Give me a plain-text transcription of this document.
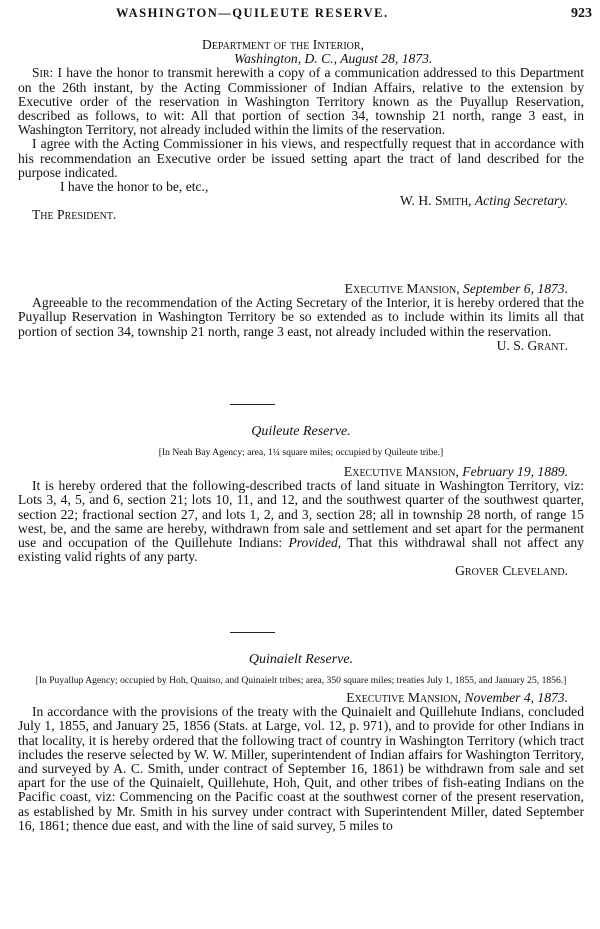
WASHINGTON—QUILEUTE RESERVE.	923
Department of the Interior,
Washington, D. C., August 28, 1873.

Sir: I have the honor to transmit herewith a copy of a communication addressed to this Department on the 26th instant, by the Acting Commissioner of Indian Affairs, relative to the extension by Executive order of the reservation in Washington Territory known as the Puyallup Reservation, described as follows, to wit: All that portion of section 34, township 21 north, range 3 east, in Washington Territory, not already included within the limits of the reservation.

I agree with the Acting Commissioner in his views, and respectfully request that in accordance with his recommendation an Executive order be issued setting apart the tract of land described for the purpose indicated.

I have the honor to be, etc.,

W. H. Smith, Acting Secretary.
The President.
Executive Mansion, September 6, 1873.

Agreeable to the recommendation of the Acting Secretary of the Interior, it is hereby ordered that the Puyallup Reservation in Washington Territory be so extended as to include within its limits all that portion of section 34, township 21 north, range 3 east, not already included within the reservation.

U. S. Grant.
Quileute Reserve.
[In Neah Bay Agency; area, 1¼ square miles; occupied by Quileute tribe.]
Executive Mansion, February 19, 1889.

It is hereby ordered that the following-described tracts of land situate in Washington Territory, viz: Lots 3, 4, 5, and 6, section 21; lots 10, 11, and 12, and the southwest quarter of the southwest quarter, section 22; fractional section 27, and lots 1, 2, and 3, section 28; all in township 28 north, of range 15 west, be, and the same are hereby, withdrawn from sale and settlement and set apart for the permanent use and occupation of the Quillehute Indians: Provided, That this withdrawal shall not affect any existing valid rights of any party.

Grover Cleveland.
Quinaielt Reserve.
[In Puyallup Agency; occupied by Hoh, Quaitso, and Quinaielt tribes; area, 350 square miles; treaties July 1, 1855, and January 25, 1856.]
Executive Mansion, November 4, 1873.

In accordance with the provisions of the treaty with the Quinaielt and Quillehute Indians, concluded July 1, 1855, and January 25, 1856 (Stats. at Large, vol. 12, p. 971), and to provide for other Indians in that locality, it is hereby ordered that the following tract of country in Washington Territory (which tract includes the reserve selected by W. W. Miller, superintendent of Indian affairs for Washington Territory, and surveyed by A. C. Smith, under contract of September 16, 1861) be withdrawn from sale and set apart for the use of the Quinaielt, Quillehute, Hoh, Quit, and other tribes of fish-eating Indians on the Pacific coast, viz: Commencing on the Pacific coast at the southwest corner of the present reservation, as established by Mr. Smith in his survey under contract with Superintendent Miller, dated September 16, 1861; thence due east, and with the line of said survey, 5 miles to
